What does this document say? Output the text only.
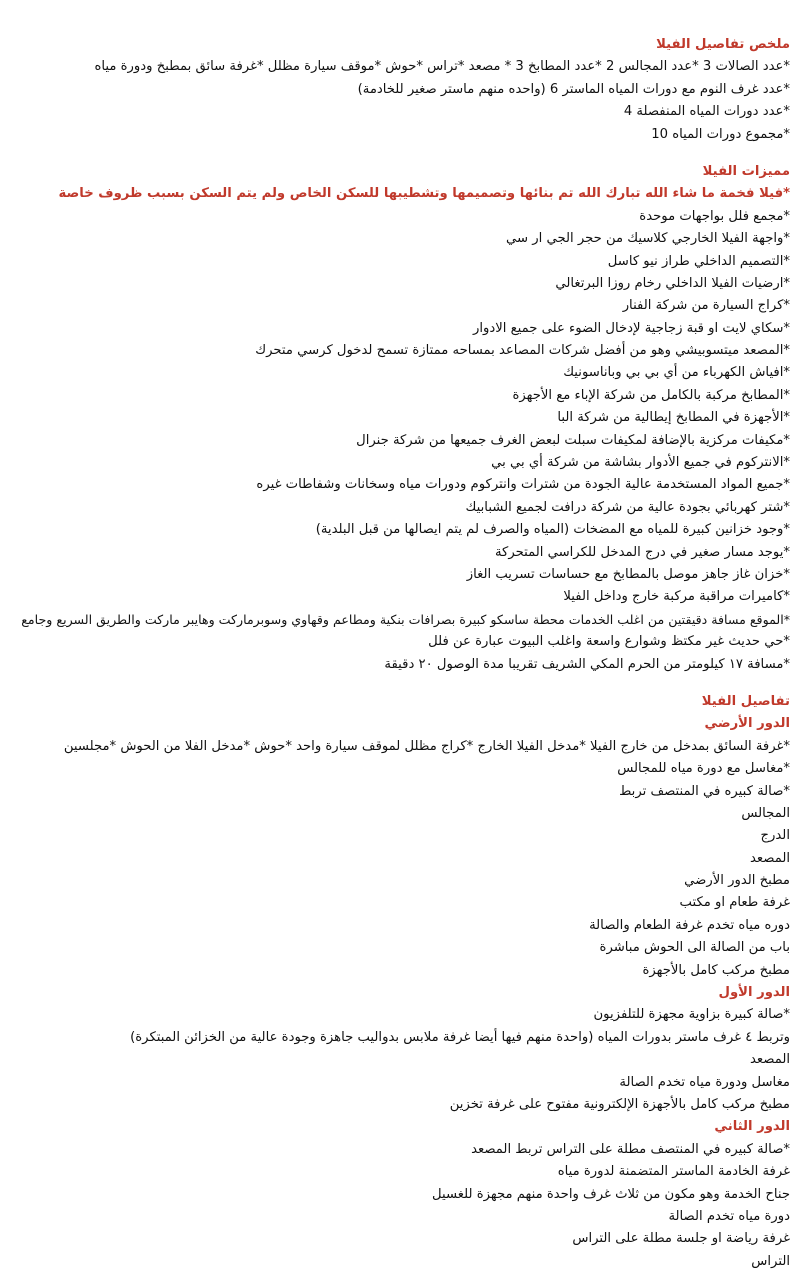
ملخص تفاصيل الفيلا
*عدد الصالات 3 *عدد المجالس 2 *عدد المطابخ 3 * مصعد *تراس *حوش *موقف سيارة مظلل *غرفة سائق بمطبخ ودورة مياه
*عدد غرف النوم مع دورات المياه الماستر 6 (واحده منهم ماستر صغير للخادمة)
*عدد دورات المياه المنفصلة 4
*مجموع دورات المياه 10
مميزات الفيلا
*فيلا فخمة ما شاء الله تبارك الله تم بنائها وتصميمها وتشطيبها للسكن الخاص ولم يتم السكن بسبب ظروف خاصة
*مجمع فلل بواجهات موحدة
*واجهة الفيلا الخارجي كلاسيك من حجر الجي ار سي
*التصميم الداخلي طراز نيو كاسل
*ارضيات الفيلا الداخلي رخام روزا البرتغالي
*كراج السيارة من شركة الفنار
*سكاي لايت او قبة زجاجية لإدخال الضوء على جميع الادوار
*المصعد ميتسوبيشي وهو من أفضل شركات المصاعد بمساحه ممتازة تسمح لدخول كرسي متحرك
*افياش الكهرباء من أي بي بي وباناسونيك
*المطابخ مركبة بالكامل من شركة الإباء مع الأجهزة
*الأجهزة في المطابخ إيطالية من شركة البا
*مكيفات مركزية بالإضافة لمكيفات سبلت لبعض الغرف جميعها من شركة جنرال
*الانتركوم في جميع الأدوار بشاشة من شركة أي بي بي
*جميع المواد المستخدمة عالية الجودة من شترات وانتركوم ودورات مياه وسخانات وشفاطات غيره
*شتر كهربائي بجودة عالية من شركة درافت لجميع الشبابيك
*وجود خزانين كبيرة للمياه مع المضخات (المياه والصرف لم يتم ايصالها من قبل البلدية)
*يوجد مسار صغير في درج المدخل للكراسي المتحركة
*خزان غاز جاهز موصل بالمطابخ مع حساسات تسريب الغاز
*كاميرات مراقبة مركبة خارج وداخل الفيلا
*الموقع مسافة دقيقتين من اغلب الخدمات محطة ساسكو كبيرة بصرافات بنكية ومطاعم وقهاوي وسوبرماركت وهايبر ماركت والطريق السريع وجامع
*حي حديث غير مكتظ وشوارع واسعة واغلب البيوت عبارة عن فلل
*مسافة ١٧ كيلومتر من الحرم المكي الشريف تقريبا مدة الوصول ٢٠ دقيقة
تفاصيل الفيلا
الدور الأرضي
*غرفة السائق بمدخل من خارج الفيلا *مدخل الفيلا الخارج *كراج مظلل لموقف سيارة واحد *حوش *مدخل الفلا من الحوش *مجلسين
*مغاسل مع دورة مياه للمجالس
*صالة كبيره في المنتصف تربط
المجالس
الدرج
المصعد
مطبخ الدور الأرضي
غرفة طعام او مكتب
دوره مياه تخدم غرفة الطعام والصالة
باب من الصالة الى الحوش مباشرة
مطبخ مركب كامل بالأجهزة
الدور الأول
*صالة كبيرة بزاوية مجهزة للتلفزيون
وتربط ٤ غرف ماستر بدورات المياه (واحدة منهم فيها أيضا غرفة ملابس بدواليب جاهزة وجودة عالية من الخزائن المبتكرة)
المصعد
مغاسل ودورة مياه تخدم الصالة
مطبخ مركب كامل بالأجهزة الإلكترونية مفتوح على غرفة تخزين
الدور الثاني
*صالة كبيره في المنتصف مطلة على التراس تربط المصعد
غرفة الخادمة الماستر المتضمنة لدورة مياه
جناح الخدمة وهو مكون من ثلاث غرف واحدة منهم مجهزة للغسيل
دورة مياه تخدم الصالة
غرفة رياضة او جلسة مطلة على التراس
التراس
